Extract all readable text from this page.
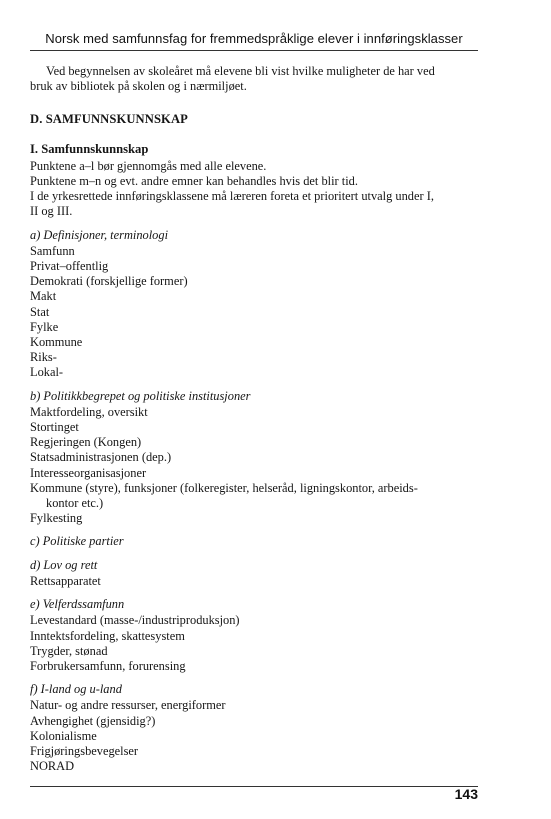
Norsk med samfunnsfag for fremmedspråklige elever i innføringsklasser

Ved begynnelsen av skoleåret må elevene bli vist hvilke muligheter de har ved
bruk av bibliotek på skolen og i nærmiljøet.

D. SAMFUNNSKUNNSKAP
I. Samfunnskunnskap
Punktene a–l bør gjennomgås med alle elevene.
Punktene m–n og evt. andre emner kan behandles hvis det blir tid.
I de yrkesrettede innføringsklassene må læreren foreta et prioritert utvalg under I,
II og III.
a) Definisjoner, terminologi
Samfunn
Privat–offentlig
Demokrati (forskjellige former)
Makt
Stat
Fylke
Kommune
Riks-
Lokal-
b) Politikkbegrepet og politiske institusjoner
Maktfordeling, oversikt
Stortinget
Regjeringen (Kongen)
Statsadministrasjonen (dep.)
Interesseorganisasjoner
Kommune (styre), funksjoner (folkeregister, helseråd, ligningskontor, arbeids-
kontor etc.)
Fylkesting
c) Politiske partier
d) Lov og rett
Rettsapparatet
e) Velferdssamfunn
Levestandard (masse-/industriproduksjon)
Inntektsfordeling, skattesystem
Trygder, stønad
Forbrukersamfunn, forurensing
f) I-land og u-land
Natur- og andre ressurser, energiformer
Avhengighet (gjensidig?)
Kolonialisme
Frigjøringsbevegelser
NORAD
143
